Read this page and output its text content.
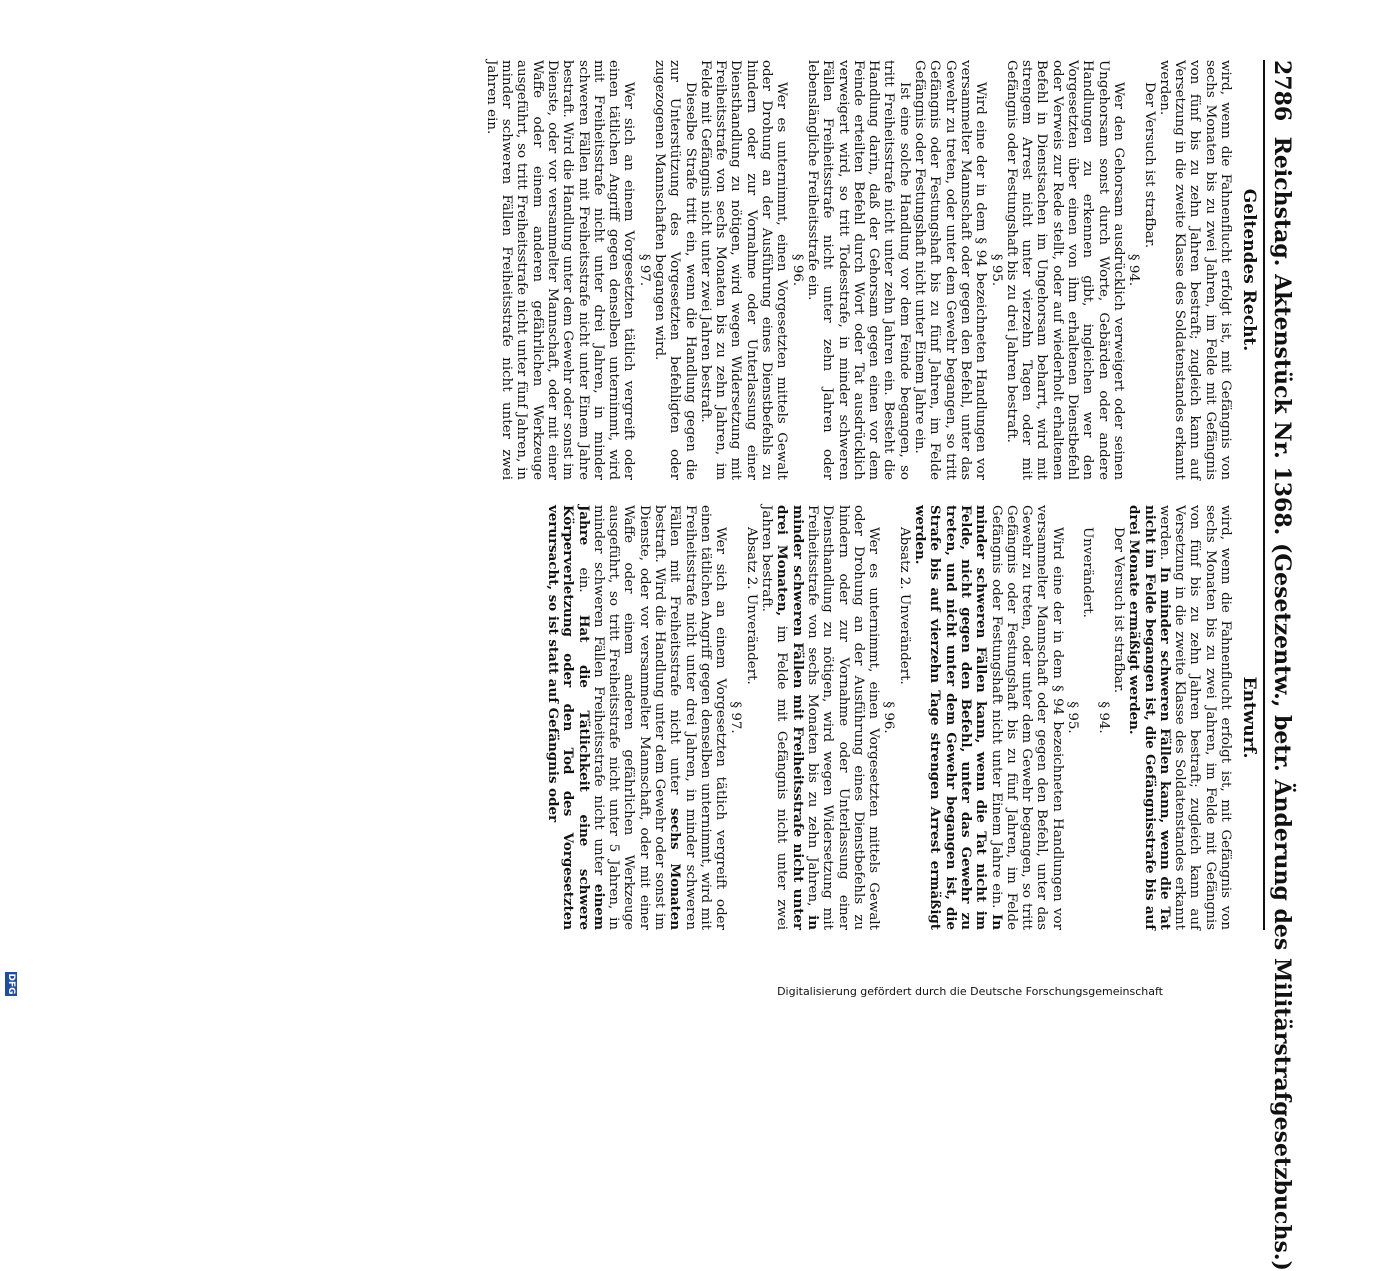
2786  Reichstag. Aktenstück Nr. 1368. (Gesetzentw., betr. Änderung des Militärstrafgesetzbuchs.)
Geltendes Recht.

wird, wenn die Fahnenflucht erfolgt ist, mit Gefängnis von sechs Monaten bis zu zwei Jahren, im Felde mit Gefängnis von fünf bis zu zehn Jahren bestraft; zugleich kann auf Versetzung in die zweite Klasse des Soldatenstandes erkannt werden.

Der Versuch ist strafbar.

§ 94.

Wer den Gehorsam ausdrücklich verweigert oder seinen Ungehorsam sonst durch Worte, Gebärden oder andere Handlungen zu erkennen gibt, ingleichen wer den Vorgesetzten über einen von ihm erhaltenen Dienstbefehl oder Verweis zur Rede stellt, oder auf wiederholt erhaltenen Befehl in Dienstsachen im Ungehorsam beharrt, wird mit strengem Arrest nicht unter vierzehn Tagen oder mit Gefängnis oder Festungshaft bis zu drei Jahren bestraft.

§ 95.

Wird eine der in dem § 94 bezeichneten Handlungen vor versammelter Mannschaft oder gegen den Befehl, unter das Gewehr zu treten, oder unter dem Gewehr begangen, so tritt Gefängnis oder Festungshaft bis zu fünf Jahren, im Felde Gefängnis oder Festungshaft nicht unter Einem Jahre ein.

Ist eine solche Handlung vor dem Feinde begangen, so tritt Freiheitsstrafe nicht unter zehn Jahren ein. Besteht die Handlung darin, daß der Gehorsam gegen einen vor dem Feinde erteilten Befehl durch Wort oder Tat ausdrücklich verweigert wird, so tritt Todesstrafe, in minder schweren Fällen Freiheitsstrafe nicht unter zehn Jahren oder lebenslängliche Freiheitsstrafe ein.

§ 96.

Wer es unternimmt, einen Vorgesetzten mittels Gewalt oder Drohung an der Ausführung eines Dienstbefehls zu hindern oder zur Vornahme oder Unterlassung einer Diensthandlung zu nötigen, wird wegen Widersetzung mit Freiheitsstrafe von sechs Monaten bis zu zehn Jahren, im Felde mit Gefängnis nicht unter zwei Jahren bestraft.

Dieselbe Strafe tritt ein, wenn die Handlung gegen die zur Unterstützung des Vorgesetzten befehligten oder zugezogenen Mannschaften begangen wird.

§ 97.

Wer sich an einem Vorgesetzten tätlich vergreift oder einen tätlichen Angriff gegen denselben unternimmt, wird mit Freiheitsstrafe nicht unter drei Jahren, in minder schweren Fällen mit Freiheitsstrafe nicht unter Einem Jahre bestraft. Wird die Handlung unter dem Gewehr oder sonst im Dienste, oder vor versammelter Mannschaft, oder mit einer Waffe oder einem anderen gefährlichen Werkzeuge ausgeführt, so tritt Freiheitsstrafe nicht unter fünf Jahren, in minder schweren Fällen Freiheitsstrafe nicht unter zwei Jahren ein.

Entwurf.

wird, wenn die Fahnenflucht erfolgt ist, mit Gefängnis von sechs Monaten bis zu zwei Jahren, im Felde mit Gefängnis von fünf bis zu zehn Jahren bestraft; zugleich kann auf Versetzung in die zweite Klasse des Soldatenstandes erkannt werden. In minder schweren Fällen kann, wenn die Tat nicht im Felde begangen ist, die Gefängnisstrafe bis auf drei Monate ermäßigt werden.

Der Versuch ist strafbar.

§ 94.

Unverändert.

§ 95.

Wird eine der in dem § 94 bezeichneten Handlungen vor versammelter Mannschaft oder gegen den Befehl, unter das Gewehr zu treten, oder unter dem Gewehr begangen, so tritt Gefängnis oder Festungshaft bis zu fünf Jahren, im Felde Gefängnis oder Festungshaft nicht unter Einem Jahre ein. In minder schweren Fällen kann, wenn die Tat nicht im Felde, nicht gegen den Befehl, unter das Gewehr zu treten, und nicht unter dem Gewehr begangen ist, die Strafe bis auf vierzehn Tage strengen Arrest ermäßigt werden.

Absatz 2. Unverändert.

§ 96.

Wer es unternimmt, einen Vorgesetzten mittels Gewalt oder Drohung an der Ausführung eines Dienstbefehls zu hindern oder zur Vornahme oder Unterlassung einer Diensthandlung zu nötigen, wird wegen Widersetzung mit Freiheitsstrafe von sechs Monaten bis zu zehn Jahren, in minder schweren Fällen mit Freiheitsstrafe nicht unter drei Monaten, im Felde mit Gefängnis nicht unter zwei Jahren bestraft.

Absatz 2. Unverändert.

§ 97.

Wer sich an einem Vorgesetzten tätlich vergreift oder einen tätlichen Angriff gegen denselben unternimmt, wird mit Freiheitsstrafe nicht unter drei Jahren, in minder schweren Fällen mit Freiheitsstrafe nicht unter sechs Monaten bestraft. Wird die Handlung unter dem Gewehr oder sonst im Dienste, oder vor versammelter Mannschaft, oder mit einer Waffe oder einem anderen gefährlichen Werkzeuge ausgeführt, so tritt Freiheitsstrafe nicht unter 5 Jahren, in minder schweren Fällen Freiheitsstrafe nicht unter einem Jahre ein. Hat die Tätlichkeit eine schwere Körperverletzung oder den Tod des Vorgesetzten verursacht, so ist statt auf Gefängnis oder

Digitalisierung gefördert durch die Deutsche Forschungsgemeinschaft
DFG
